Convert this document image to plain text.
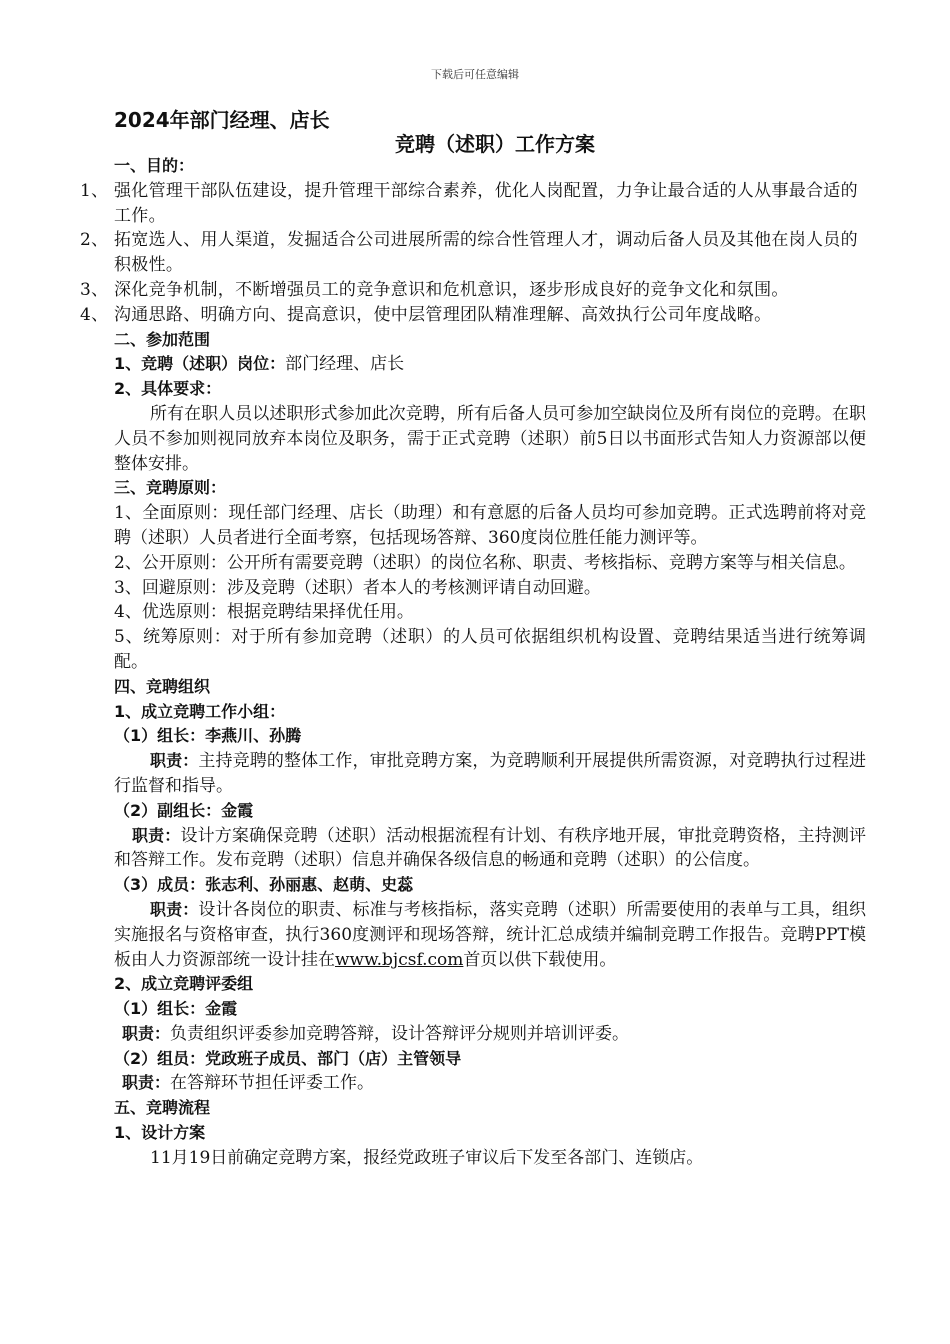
下载后可任意编辑
2024年部门经理、店长
竞聘（述职）工作方案

一、目的：

1、 强化管理干部队伍建设，提升管理干部综合素养，优化人岗配置，力争让最合适的人从事最合适的工作。

2、 拓宽选人、用人渠道，发掘适合公司进展所需的综合性管理人才，调动后备人员及其他在岗人员的积极性。

3、 深化竞争机制，不断增强员工的竞争意识和危机意识，逐步形成良好的竞争文化和氛围。

4、 沟通思路、明确方向、提高意识，使中层管理团队精准理解、高效执行公司年度战略。

二、参加范围

1、竞聘（述职）岗位：部门经理、店长

2、具体要求：

所有在职人员以述职形式参加此次竞聘，所有后备人员可参加空缺岗位及所有岗位的竞聘。在职人员不参加则视同放弃本岗位及职务，需于正式竞聘（述职）前5日以书面形式告知人力资源部以便整体安排。

三、竞聘原则：

1、全面原则：现任部门经理、店长（助理）和有意愿的后备人员均可参加竞聘。正式选聘前将对竞聘（述职）人员者进行全面考察，包括现场答辩、360度岗位胜任能力测评等。

2、公开原则：公开所有需要竞聘（述职）的岗位名称、职责、考核指标、竞聘方案等与相关信息。

3、回避原则：涉及竞聘（述职）者本人的考核测评请自动回避。

4、优选原则：根据竞聘结果择优任用。

5、统筹原则：对于所有参加竞聘（述职）的人员可依据组织机构设置、竞聘结果适当进行统筹调配。

四、竞聘组织

1、成立竞聘工作小组：

（1）组长：李燕川、孙腾

职责：主持竞聘的整体工作，审批竞聘方案，为竞聘顺利开展提供所需资源，对竞聘执行过程进行监督和指导。

（2）副组长：金霞

职责：设计方案确保竞聘（述职）活动根据流程有计划、有秩序地开展，审批竞聘资格，主持测评和答辩工作。发布竞聘（述职）信息并确保各级信息的畅通和竞聘（述职）的公信度。

（3）成员：张志利、孙丽惠、赵萌、史蕊

职责：设计各岗位的职责、标准与考核指标，落实竞聘（述职）所需要使用的表单与工具，组织实施报名与资格审查，执行360度测评和现场答辩，统计汇总成绩并编制竞聘工作报告。竞聘PPT模板由人力资源部统一设计挂在www.bjcsf.com首页以供下载使用。

2、成立竞聘评委组

（1）组长：金霞

职责：负责组织评委参加竞聘答辩，设计答辩评分规则并培训评委。

（2）组员：党政班子成员、部门（店）主管领导

职责：在答辩环节担任评委工作。

五、竞聘流程

1、设计方案

11月19日前确定竞聘方案，报经党政班子审议后下发至各部门、连锁店。
